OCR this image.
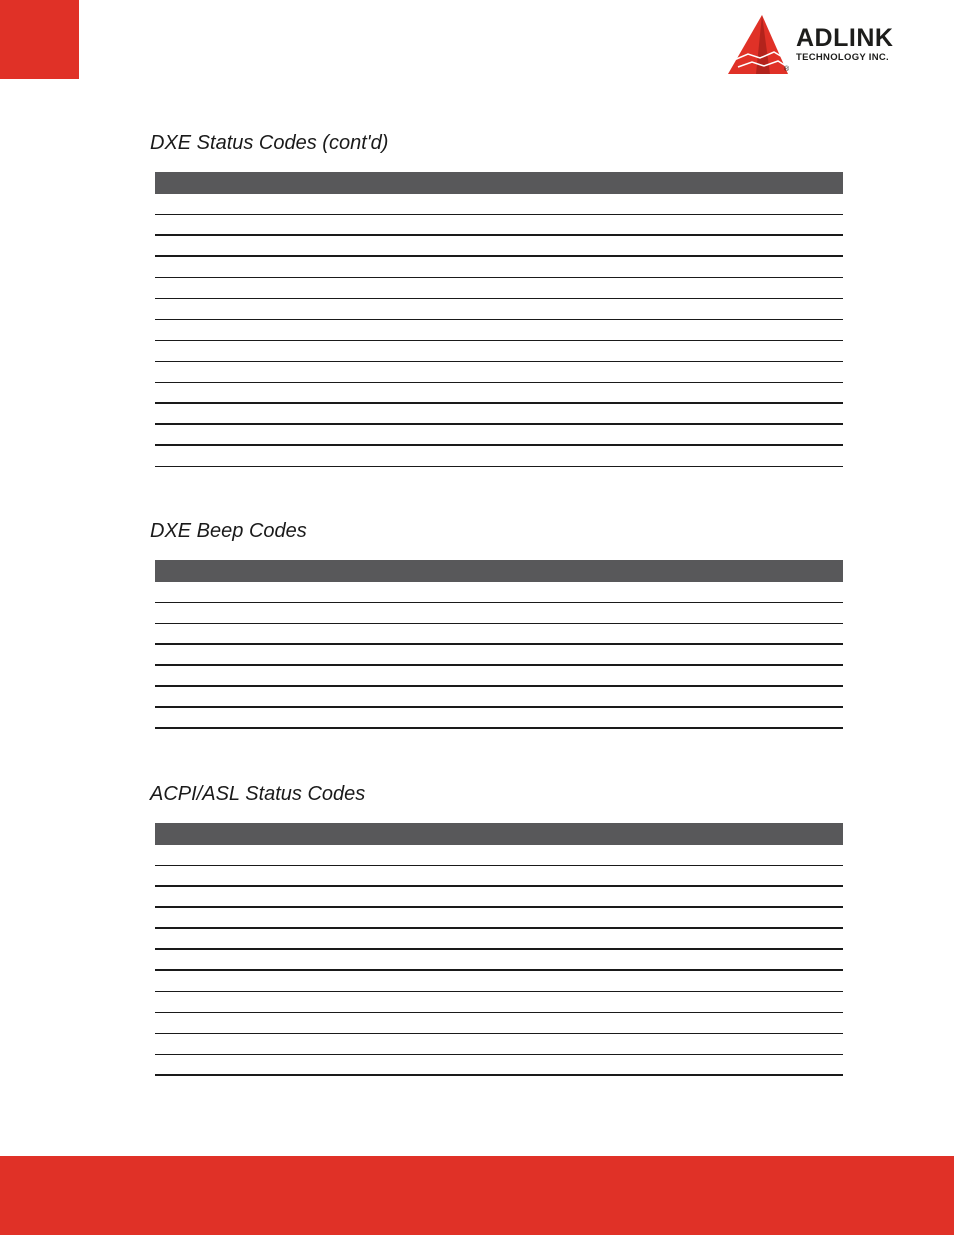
ADLINK
TECHNOLOGY INC.
®
DXE Status Codes (cont'd)
DXE Beep Codes
ACPI/ASL Status Codes
